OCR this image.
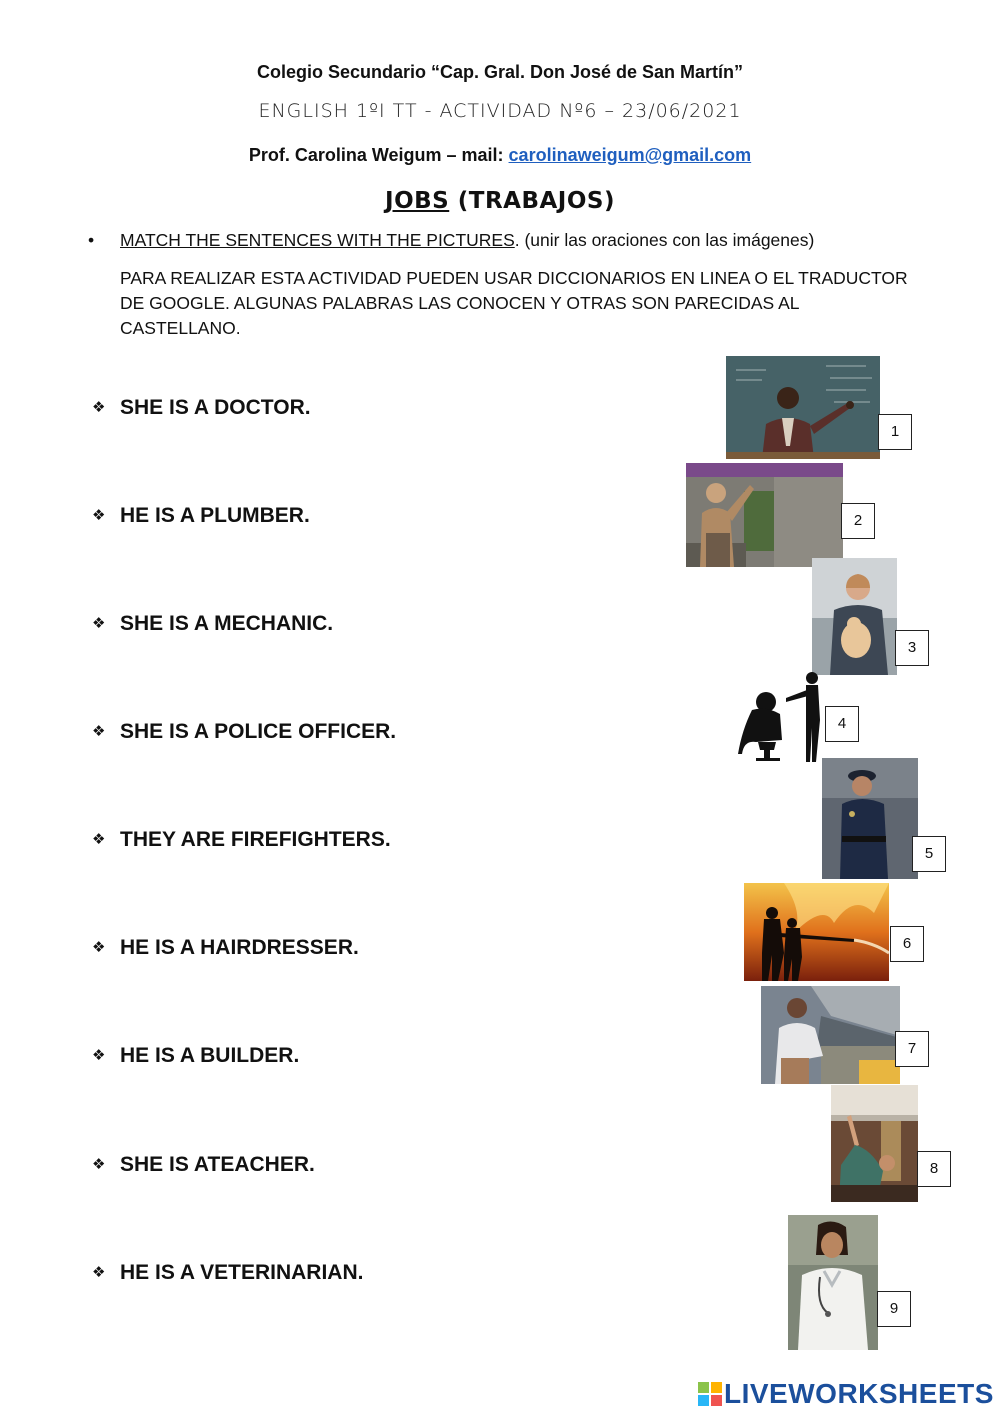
Colegio Secundario “Cap. Gral. Don José de San Martín”
ENGLISH 1ºI TT - ACTIVIDAD Nº6 – 23/06/2021
Prof. Carolina Weigum – mail: carolinaweigum@gmail.com
JOBS (TRABAJOS)
• MATCH THE SENTENCES WITH THE PICTURES. (unir las oraciones con las imágenes)
PARA REALIZAR ESTA ACTIVIDAD PUEDEN USAR DICCIONARIOS EN LINEA O EL TRADUCTOR DE GOOGLE. ALGUNAS PALABRAS LAS CONOCEN Y OTRAS SON PARECIDAS AL CASTELLANO.
❖ SHE IS A DOCTOR.
❖ HE IS A PLUMBER.
❖ SHE IS A MECHANIC.
❖ SHE IS A POLICE OFFICER.
❖ THEY ARE FIREFIGHTERS.
❖ HE IS A HAIRDRESSER.
❖ HE IS A BUILDER.
❖ SHE IS ATEACHER.
❖ HE IS A VETERINARIAN.
1
2
3
4
5
6
7
8
9
LIVEWORKSHEETS
